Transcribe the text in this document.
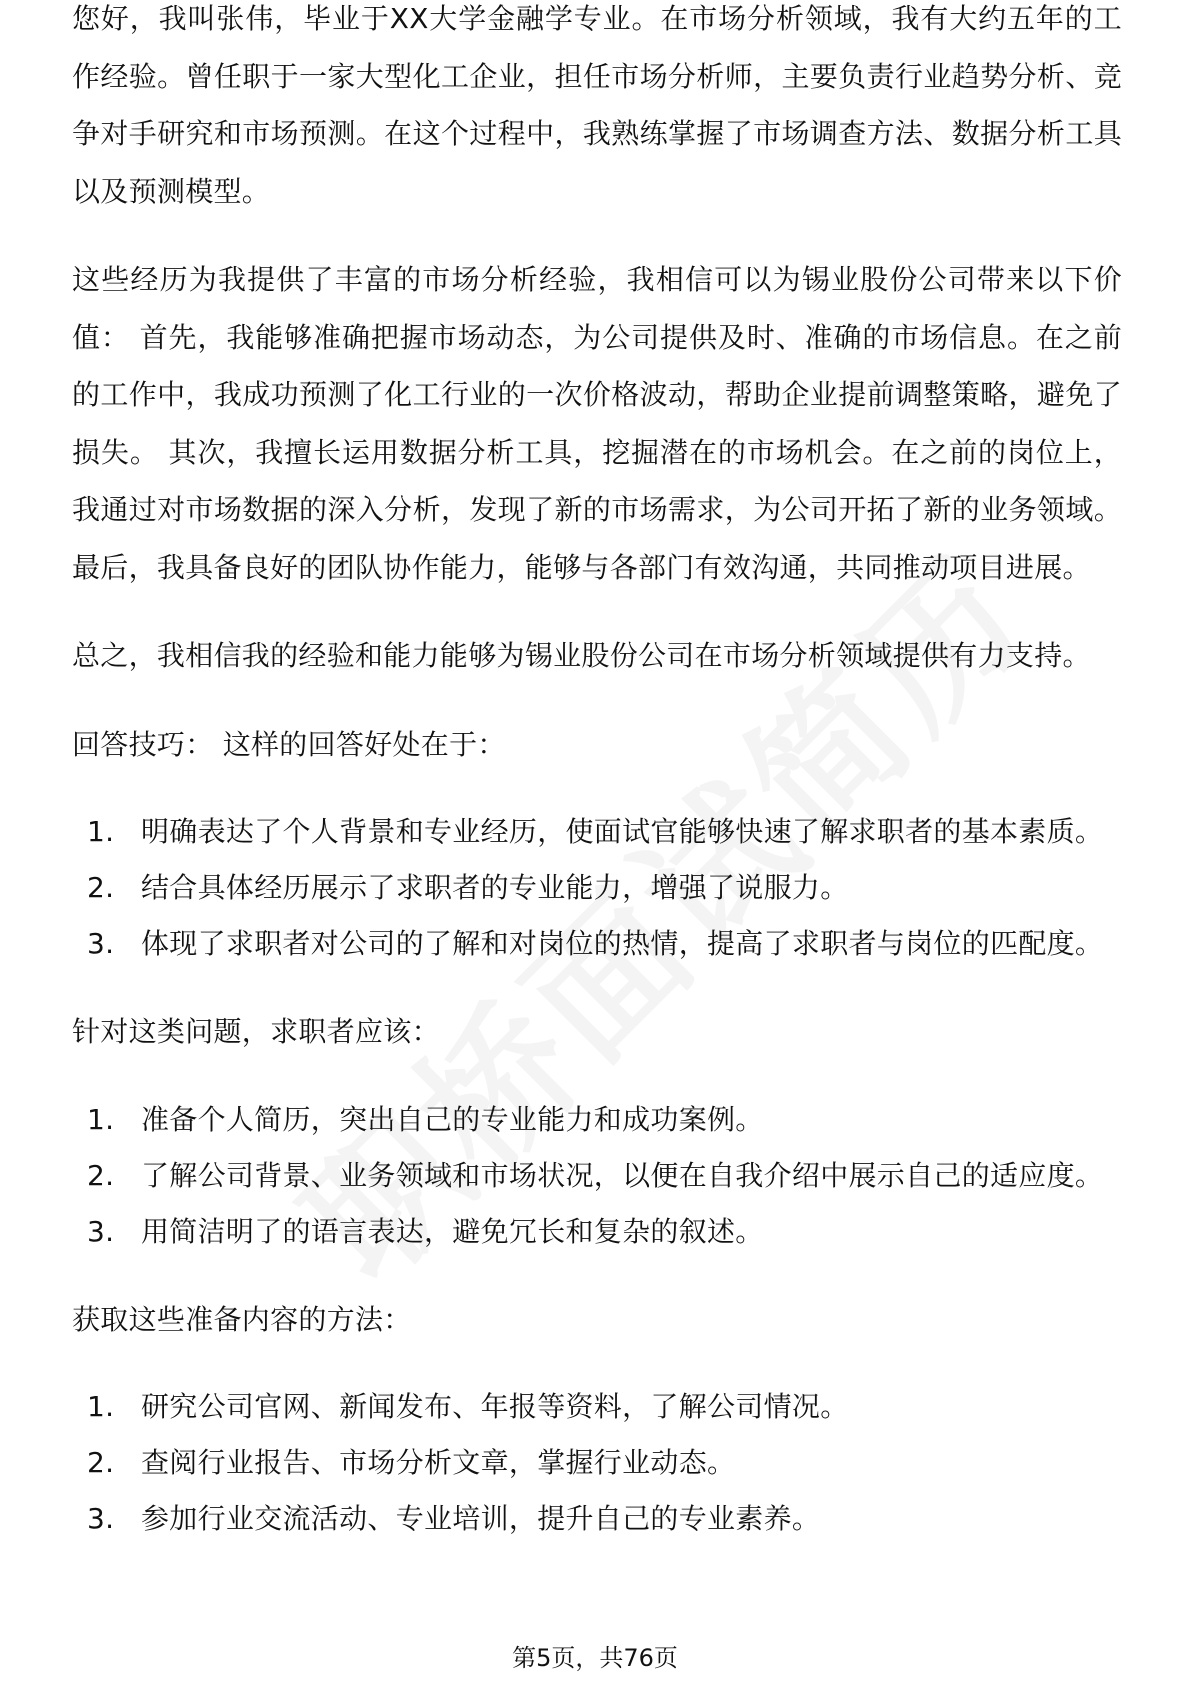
您好，我叫张伟，毕业于XX大学金融学专业。在市场分析领域，我有大约五年的工作经验。曾任职于一家大型化工企业，担任市场分析师，主要负责行业趋势分析、竞争对手研究和市场预测。在这个过程中，我熟练掌握了市场调查方法、数据分析工具以及预测模型。

这些经历为我提供了丰富的市场分析经验，我相信可以为锡业股份公司带来以下价值： 首先，我能够准确把握市场动态，为公司提供及时、准确的市场信息。在之前的工作中，我成功预测了化工行业的一次价格波动，帮助企业提前调整策略，避免了损失。 其次，我擅长运用数据分析工具，挖掘潜在的市场机会。在之前的岗位上，我通过对市场数据的深入分析，发现了新的市场需求，为公司开拓了新的业务领域。 最后，我具备良好的团队协作能力，能够与各部门有效沟通，共同推动项目进展。

总之，我相信我的经验和能力能够为锡业股份公司在市场分析领域提供有力支持。

回答技巧： 这样的回答好处在于：

1. 明确表达了个人背景和专业经历，使面试官能够快速了解求职者的基本素质。
2. 结合具体经历展示了求职者的专业能力，增强了说服力。
3. 体现了求职者对公司的了解和对岗位的热情，提高了求职者与岗位的匹配度。

针对这类问题，求职者应该：

1. 准备个人简历，突出自己的专业能力和成功案例。
2. 了解公司背景、业务领域和市场状况，以便在自我介绍中展示自己的适应度。
3. 用简洁明了的语言表达，避免冗长和复杂的叙述。

获取这些准备内容的方法：

1. 研究公司官网、新闻发布、年报等资料，了解公司情况。
2. 查阅行业报告、市场分析文章，掌握行业动态。
3. 参加行业交流活动、专业培训，提升自己的专业素养。
第5页，共76页
